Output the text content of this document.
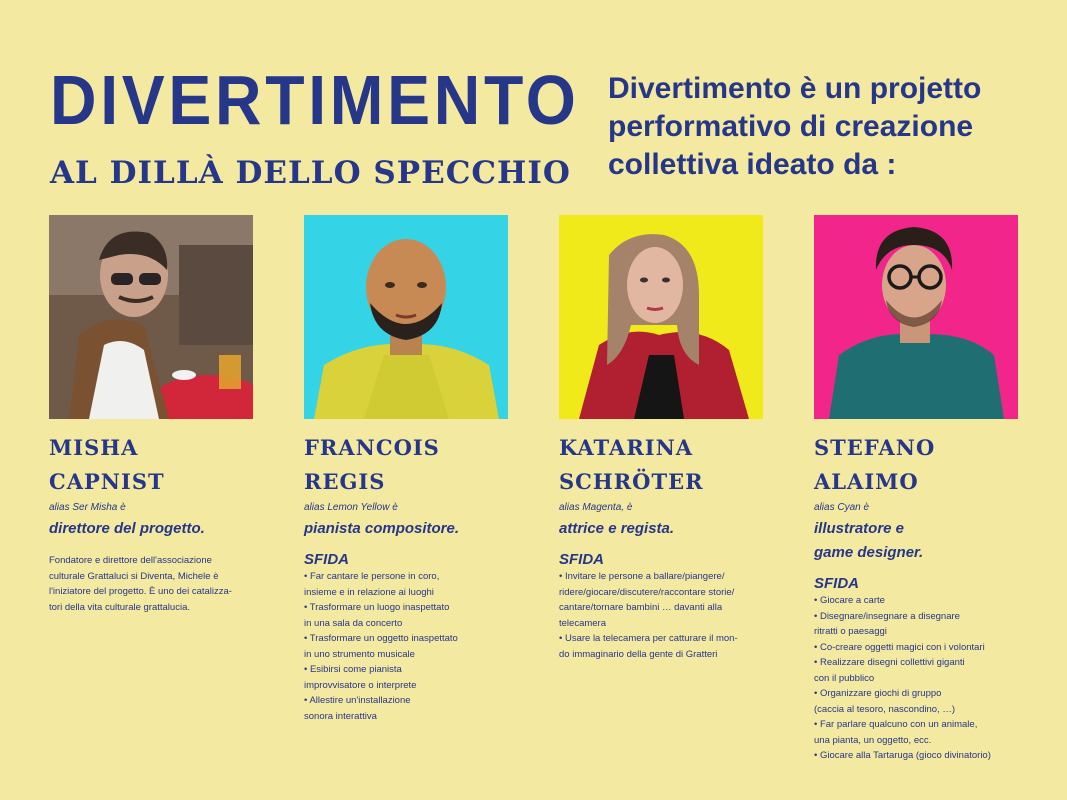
DIVERTIMENTO
AL DILLÀ DELLO SPECCHIO
Divertimento è un projetto performativo di creazione collettiva ideato da :
MISHA
CAPNIST
alias Ser Misha è
direttore del progetto.
Fondatore e direttore dell'associazione
culturale Grattaluci si Diventa, Michele è
l'iniziatore del progetto. È uno dei catalizza-
tori della vita culturale grattalucia.
FRANCOIS
REGIS
alias Lemon Yellow è
pianista compositore.
SFIDA
• Far cantare le persone in coro,
insieme e in relazione ai luoghi
• Trasformare un luogo inaspettato
in una sala da concerto
• Trasformare un oggetto inaspettato
in uno strumento musicale
• Esibirsi come pianista
improvvisatore o interprete
• Allestire un'installazione
sonora interattiva
KATARINA
SCHRÖTER
alias Magenta, è
attrice e regista.
SFIDA
• Invitare le persone a ballare/piangere/
ridere/giocare/discutere/raccontare storie/
cantare/tornare bambini … davanti alla
telecamera
• Usare la telecamera per catturare il mon-
do immaginario della gente di Gratteri
STEFANO
ALAIMO
alias Cyan è
illustratore e
game designer.
SFIDA
• Giocare a carte
• Disegnare/insegnare a disegnare
ritratti o paesaggi
• Co-creare oggetti magici con i volontari
• Realizzare disegni collettivi giganti
con il pubblico
• Organizzare giochi di gruppo
(caccia al tesoro, nascondino, …)
• Far parlare qualcuno con un animale,
una pianta, un oggetto, ecc.
• Giocare alla Tartaruga (gioco divinatorio)
